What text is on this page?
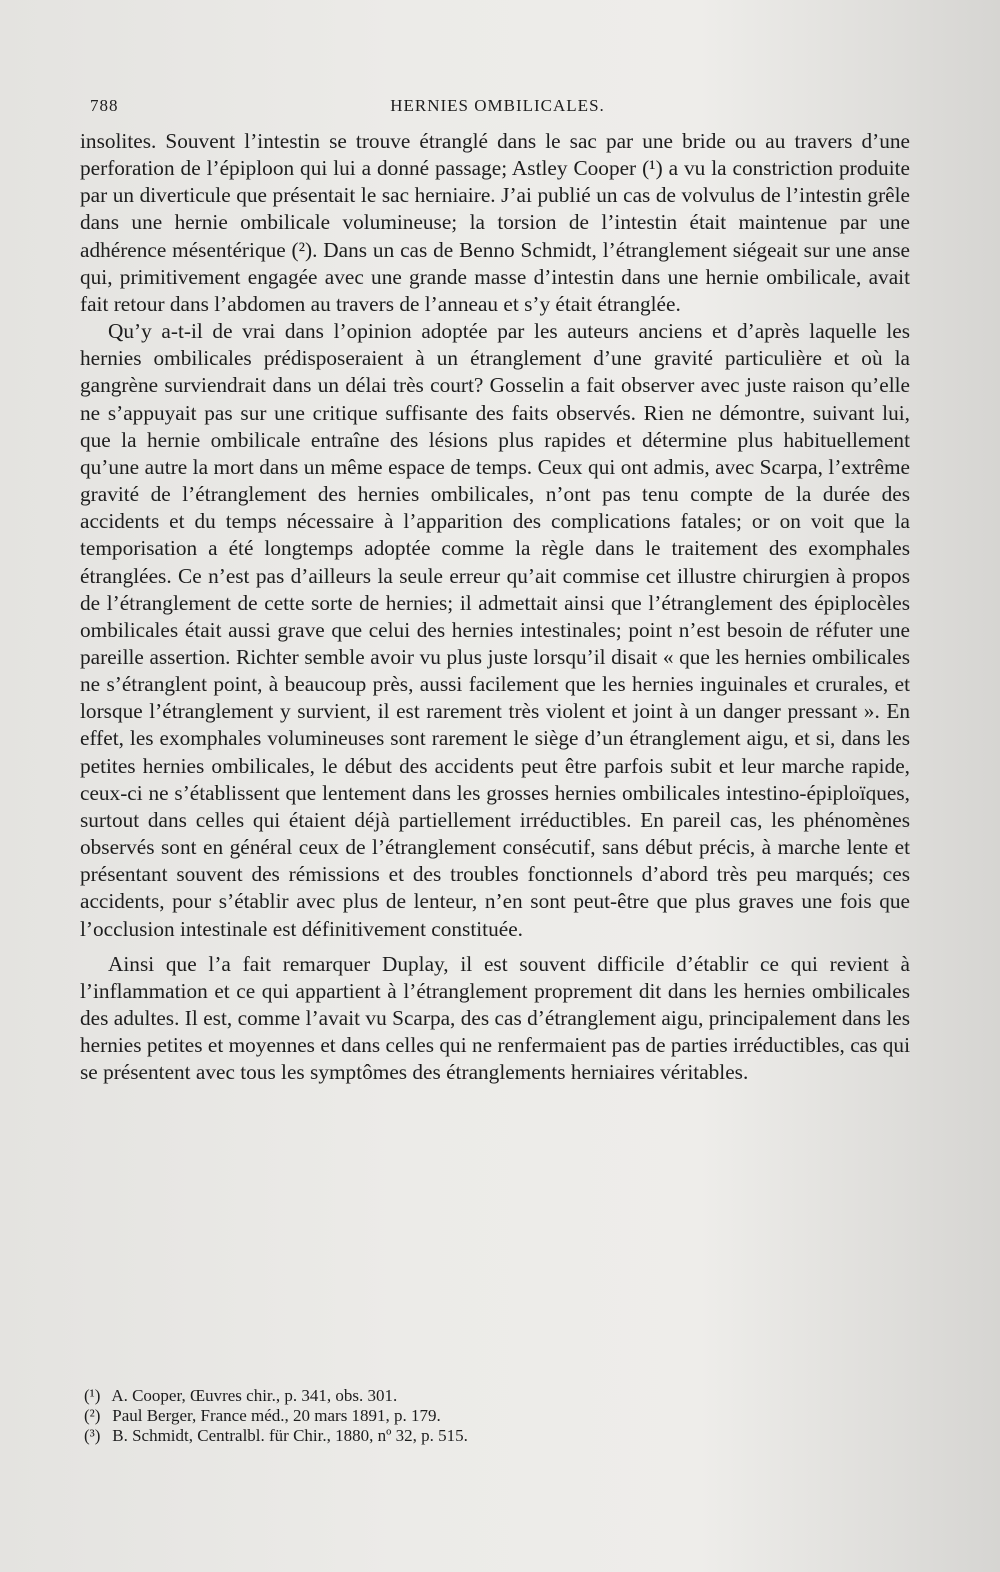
788	HERNIES OMBILICALES.

insolites. Souvent l’intestin se trouve étranglé dans le sac par une bride ou au travers d’une perforation de l’épiploon qui lui a donné passage; Astley Cooper (¹) a vu la constriction produite par un diverticule que présentait le sac herniaire. J’ai publié un cas de volvulus de l’intestin grêle dans une hernie ombilicale volumineuse; la torsion de l’intestin était maintenue par une adhérence mésentérique (²). Dans un cas de Benno Schmidt, l’étranglement siégeait sur une anse qui, primitivement engagée avec une grande masse d’intestin dans une hernie ombilicale, avait fait retour dans l’abdomen au travers de l’anneau et s’y était étranglée.

Qu’y a-t-il de vrai dans l’opinion adoptée par les auteurs anciens et d’après laquelle les hernies ombilicales prédisposeraient à un étranglement d’une gravité particulière et où la gangrène surviendrait dans un délai très court? Gosselin a fait observer avec juste raison qu’elle ne s’appuyait pas sur une critique suffisante des faits observés. Rien ne démontre, suivant lui, que la hernie ombilicale entraîne des lésions plus rapides et détermine plus habituellement qu’une autre la mort dans un même espace de temps. Ceux qui ont admis, avec Scarpa, l’extrême gravité de l’étranglement des hernies ombilicales, n’ont pas tenu compte de la durée des accidents et du temps nécessaire à l’apparition des complications fatales; or on voit que la temporisation a été longtemps adoptée comme la règle dans le traitement des exomphales étranglées. Ce n’est pas d’ailleurs la seule erreur qu’ait commise cet illustre chirurgien à propos de l’étranglement de cette sorte de hernies; il admettait ainsi que l’étranglement des épiplocèles ombilicales était aussi grave que celui des hernies intestinales; point n’est besoin de réfuter une pareille assertion. Richter semble avoir vu plus juste lorsqu’il disait « que les hernies ombilicales ne s’étranglent point, à beaucoup près, aussi facilement que les hernies inguinales et crurales, et lorsque l’étranglement y survient, il est rarement très violent et joint à un danger pressant ». En effet, les exomphales volumineuses sont rarement le siège d’un étranglement aigu, et si, dans les petites hernies ombilicales, le début des accidents peut être parfois subit et leur marche rapide, ceux-ci ne s’établissent que lentement dans les grosses hernies ombilicales intestino-épiploïques, surtout dans celles qui étaient déjà partiellement irréductibles. En pareil cas, les phénomènes observés sont en général ceux de l’étranglement consécutif, sans début précis, à marche lente et présentant souvent des rémissions et des troubles fonctionnels d’abord très peu marqués; ces accidents, pour s’établir avec plus de lenteur, n’en sont peut-être que plus graves une fois que l’occlusion intestinale est définitivement constituée.

Ainsi que l’a fait remarquer Duplay, il est souvent difficile d’établir ce qui revient à l’inflammation et ce qui appartient à l’étranglement proprement dit dans les hernies ombilicales des adultes. Il est, comme l’avait vu Scarpa, des cas d’étranglement aigu, principalement dans les hernies petites et moyennes et dans celles qui ne renfermaient pas de parties irréductibles, cas qui se présentent avec tous les symptômes des étranglements herniaires véritables.

(¹) A. Cooper, Œuvres chir., p. 341, obs. 301.

(²) Paul Berger, France méd., 20 mars 1891, p. 179.

(³) B. Schmidt, Centralbl. für Chir., 1880, nº 32, p. 515.
